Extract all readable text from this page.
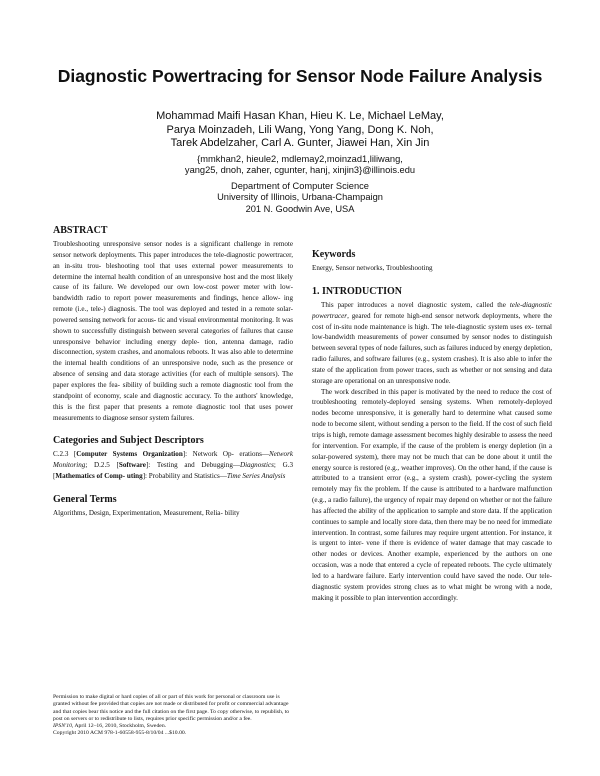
Diagnostic Powertracing for Sensor Node Failure Analysis
Mohammad Maifi Hasan Khan, Hieu K. Le, Michael LeMay,
Parya Moinzadeh, Lili Wang, Yong Yang, Dong K. Noh,
Tarek Abdelzaher, Carl A. Gunter, Jiawei Han, Xin Jin
{mmkhan2, hieule2, mdlemay2,moinzad1,liliwang,
yang25, dnoh, zaher, cgunter, hanj, xinjin3}@illinois.edu
Department of Computer Science
University of Illinois, Urbana-Champaign
201 N. Goodwin Ave, USA
ABSTRACT

Troubleshooting unresponsive sensor nodes is a significant challenge in remote sensor network deployments. This paper introduces the tele-diagnostic powertracer, an in-situ trou- bleshooting tool that uses external power measurements to determine the internal health condition of an unresponsive host and the most likely cause of its failure. We developed our own low-cost power meter with low-bandwidth radio to report power measurements and findings, hence allow- ing remote (i.e., tele-) diagnosis. The tool was deployed and tested in a remote solar-powered sensing network for acous- tic and visual environmental monitoring. It was shown to successfully distinguish between several categories of failures that cause unresponsive behavior including energy deple- tion, antenna damage, radio disconnection, system crashes, and anomalous reboots. It was also able to determine the internal health conditions of an unresponsive node, such as the presence or absence of sensing and data storage activities (for each of multiple sensors). The paper explores the fea- sibility of building such a remote diagnostic tool from the standpoint of economy, scale and diagnostic accuracy. To the authors' knowledge, this is the first paper that presents a remote diagnostic tool that uses power measurements to diagnose sensor system failures.

Categories and Subject Descriptors

C.2.3 [Computer Systems Organization]: Network Op- erations—Network Monitoring; D.2.5 [Software]: Testing and Debugging—Diagnostics; G.3 [Mathematics of Comp- uting]: Probability and Statistics—Time Series Analysis

General Terms

Algorithms, Design, Experimentation, Measurement, Relia- bility

Permission to make digital or hard copies of all or part of this work for personal or classroom use is granted without fee provided that copies are not made or distributed for profit or commercial advantage and that copies bear this notice and the full citation on the first page. To copy otherwise, to republish, to post on servers or to redistribute to lists, requires prior specific permission and/or a fee.

IPSN'10, April 12–16, 2010, Stockholm, Sweden.

Copyright 2010 ACM 978-1-60558-955-8/10/04 ...$10.00.

Keywords

Energy, Sensor networks, Troubleshooting

1. INTRODUCTION

This paper introduces a novel diagnostic system, called the tele-diagnostic powertracer, geared for remote high-end sensor network deployments, where the cost of in-situ node maintenance is high. The tele-diagnostic system uses ex- ternal low-bandwidth measurements of power consumed by sensor nodes to distinguish between several types of node failures, such as failures induced by energy depletion, radio failures, and software failures (e.g., system crashes). It is also able to infer the state of the application from power traces, such as whether or not sensing and data storage are operational on an unresponsive node.

The work described in this paper is motivated by the need to reduce the cost of troubleshooting remotely-deployed sensing systems. When remotely-deployed nodes become unresponsive, it is generally hard to determine what caused some node to become silent, without sending a person to the field. If the cost of such field trips is high, remote damage assessment becomes highly desirable to assess the need for intervention. For example, if the cause of the problem is energy depletion (in a solar-powered system), there may not be much that can be done about it until the energy source is restored (e.g., weather improves). On the other hand, if the cause is attributed to a transient error (e.g., a system crash), power-cycling the system remotely may fix the problem. If the cause is attributed to a hardware malfunction (e.g., a radio failure), the urgency of repair may depend on whether or not the failure has affected the ability of the application to sample and store data. If the application continues to sample and locally store data, then there may be no need for immediate intervention. In contrast, some failures may require urgent attention. For instance, it is urgent to inter- vene if there is evidence of water damage that may cascade to other nodes or devices. Another example, experienced by the authors on one occasion, was a node that entered a cycle of repeated reboots. The cycle ultimately led to a hardware failure. Early intervention could have saved the node. Our tele-diagnostic system provides strong clues as to what might be wrong with a node, making it possible to plan intervention accordingly.
